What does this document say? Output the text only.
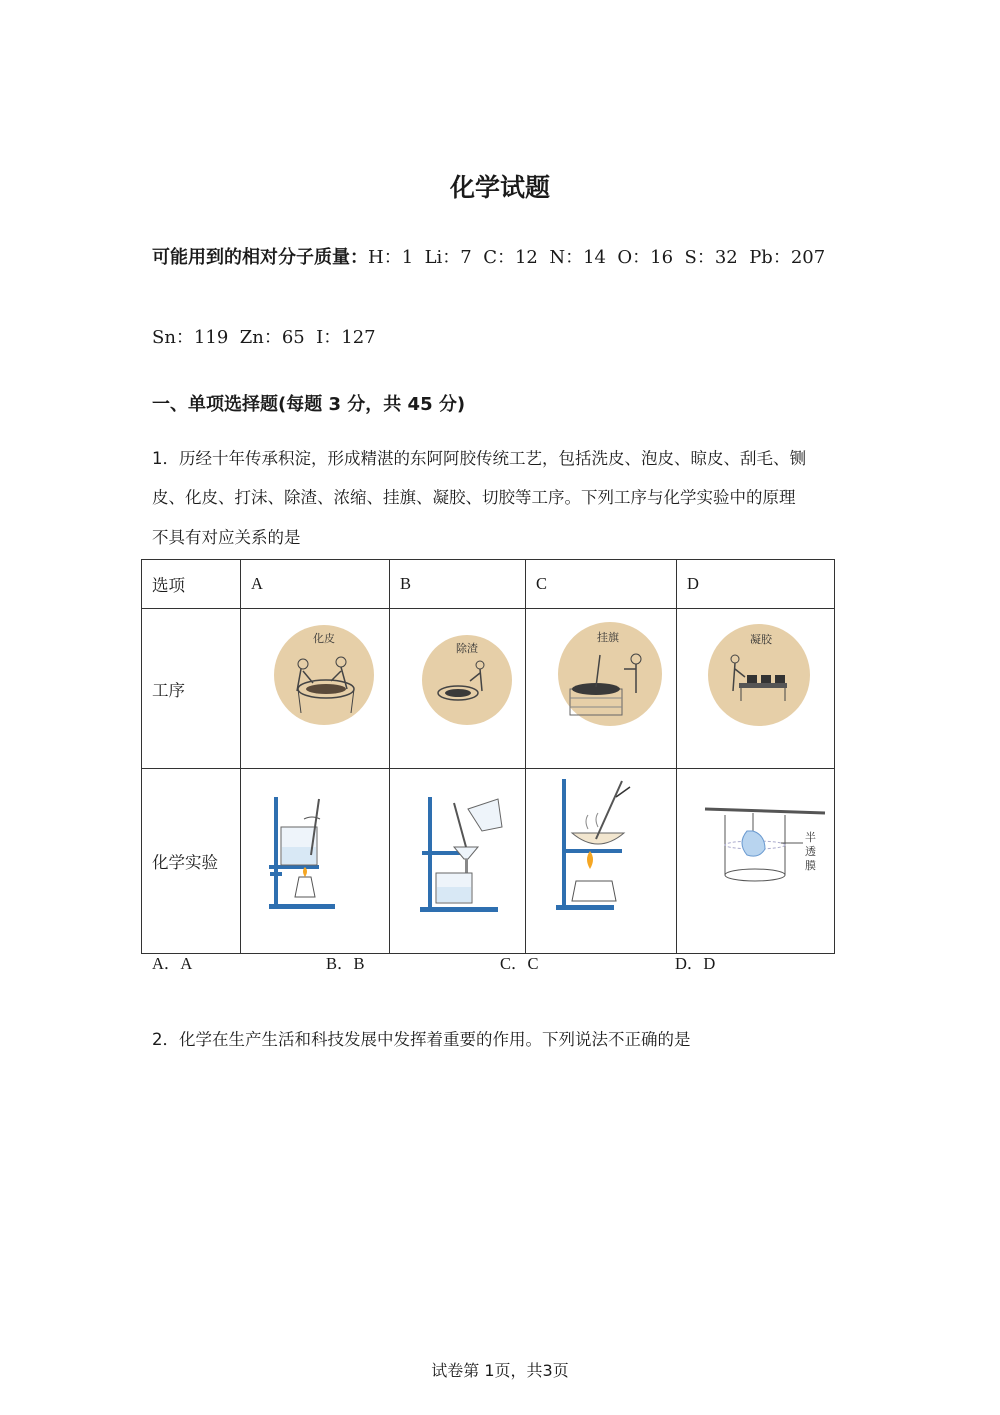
化学试题
可能用到的相对分子质量：H：1  Li：7  C：12  N：14  O：16  S：32  Pb：207
Sn：119  Zn：65  I：127
一、单项选择题(每题 3 分，共 45 分)
1．历经十年传承积淀，形成精湛的东阿阿胶传统工艺，包括洗皮、泡皮、晾皮、刮毛、铡
皮、化皮、打沫、除渣、浓缩、挂旗、凝胶、切胶等工序。下列工序与化学实验中的原理
不具有对应关系的是
选项	A	B	C	D
工序	化皮	除渣	挂旗	凝胶

化学实验				半
透
膜
A．A	B．B	C．C	D．D
2．化学在生产生活和科技发展中发挥着重要的作用。下列说法不正确的是
试卷第 1页，共3页
